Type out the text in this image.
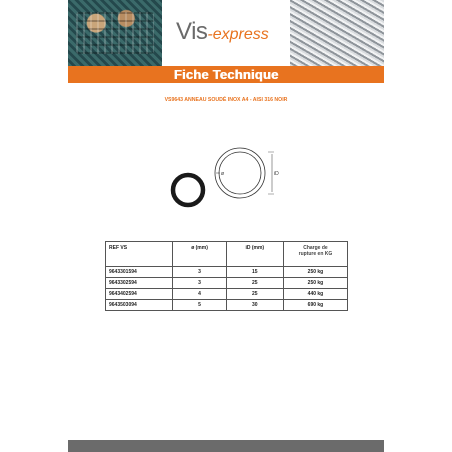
Vis-express
Fiche Technique
VS9643 ANNEAU SOUDÉ INOX A4 - AISI 316 NOIR
ø	iD
REF VS	ø (mm)	iD (mm)	Charge de
rupture en KG
9643301594	3	15	250 kg
9643302594	3	25	250 kg
9643402594	4	25	440 kg
9643503094	5	30	690 kg
